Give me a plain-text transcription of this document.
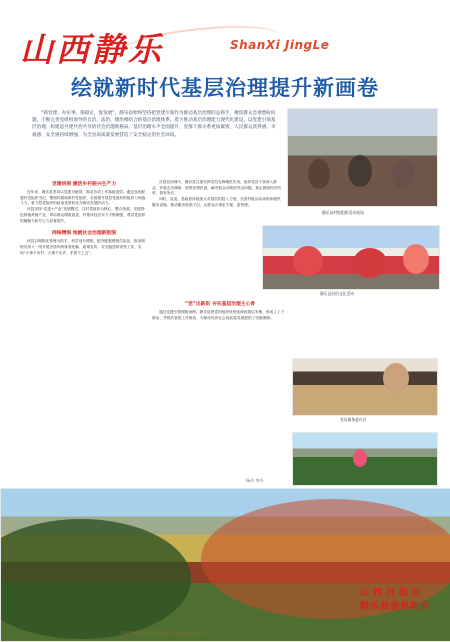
山西静乐	ShanXi JingLe
绘就新时代基层治理提升新画卷

“抓党建、办实事、保稳定，促发展”，静乐县始终坚持把党建引领作为推动基层治理的总抓手，聚焦群众急难愁盼问题，不断完善党组织领导的自治、法治、德治相结合的基层治理体系，着力推动基层治理能力现代化建设，以党建引领基层治理，构建起共建共治共享的社会治理新格局。基层治理水平全面提升，党群干群关系更加紧密，人民群众获得感、幸福感、安全感持续增强，为全县高质量发展营造了安全稳定的社会环境。

静乐县村级组织活动现场
静乐县民俗文化活动
党员服务进社区
党建统领 激活乡村振兴生产力

近年来，静乐县坚持以党建为统领，推动各项工作落地见效。通过选优配强村党组织书记，整顿软弱涣散村党组织，全面提升基层党组织的组织力和战斗力，着力将党组织的政治优势转化为推动发展的动力。

该县坚持“党建+产业”发展模式，以村党组织为核心，整合资源，发展特色种植养殖产业，带动群众增收致富，村集体经济实力不断增强，基层党组织的凝聚力和号召力显著提升。

网格精细 绘就社会治理新版图

该县以网格化管理为抓手，科学划分网格，配齐配强网格员队伍，推动网格员深入一线开展矛盾纠纷排查化解、政策宣传、安全隐患排查等工作，实现“小事不出村、大事不出乡、矛盾不上交”。

在基层治理中，静乐县注重发挥党员先锋模范作用，组织党员干部深入群众，开展走访调研，收集民情民意，解决群众反映的突出问题，真正做到民有所呼、我有所应。

同时，县委、县政府持续加大对基层的投入力度，完善村级活动场所和便民服务设施，推动服务资源下沉，让群众办事更方便、更快捷。

“党”出新彩 夯实基层治理主心骨

通过党建引领网格治理，静乐县把党的组织优势延伸到基层末梢，形成了上下联动、齐抓共管的工作格局，为推动经济社会高质量发展提供了坚强保障。

杨丹 李丹
山西日报社
静乐县委县政府
本版文字由静乐县委宣传部提供 中共静乐县委组织部 主办
